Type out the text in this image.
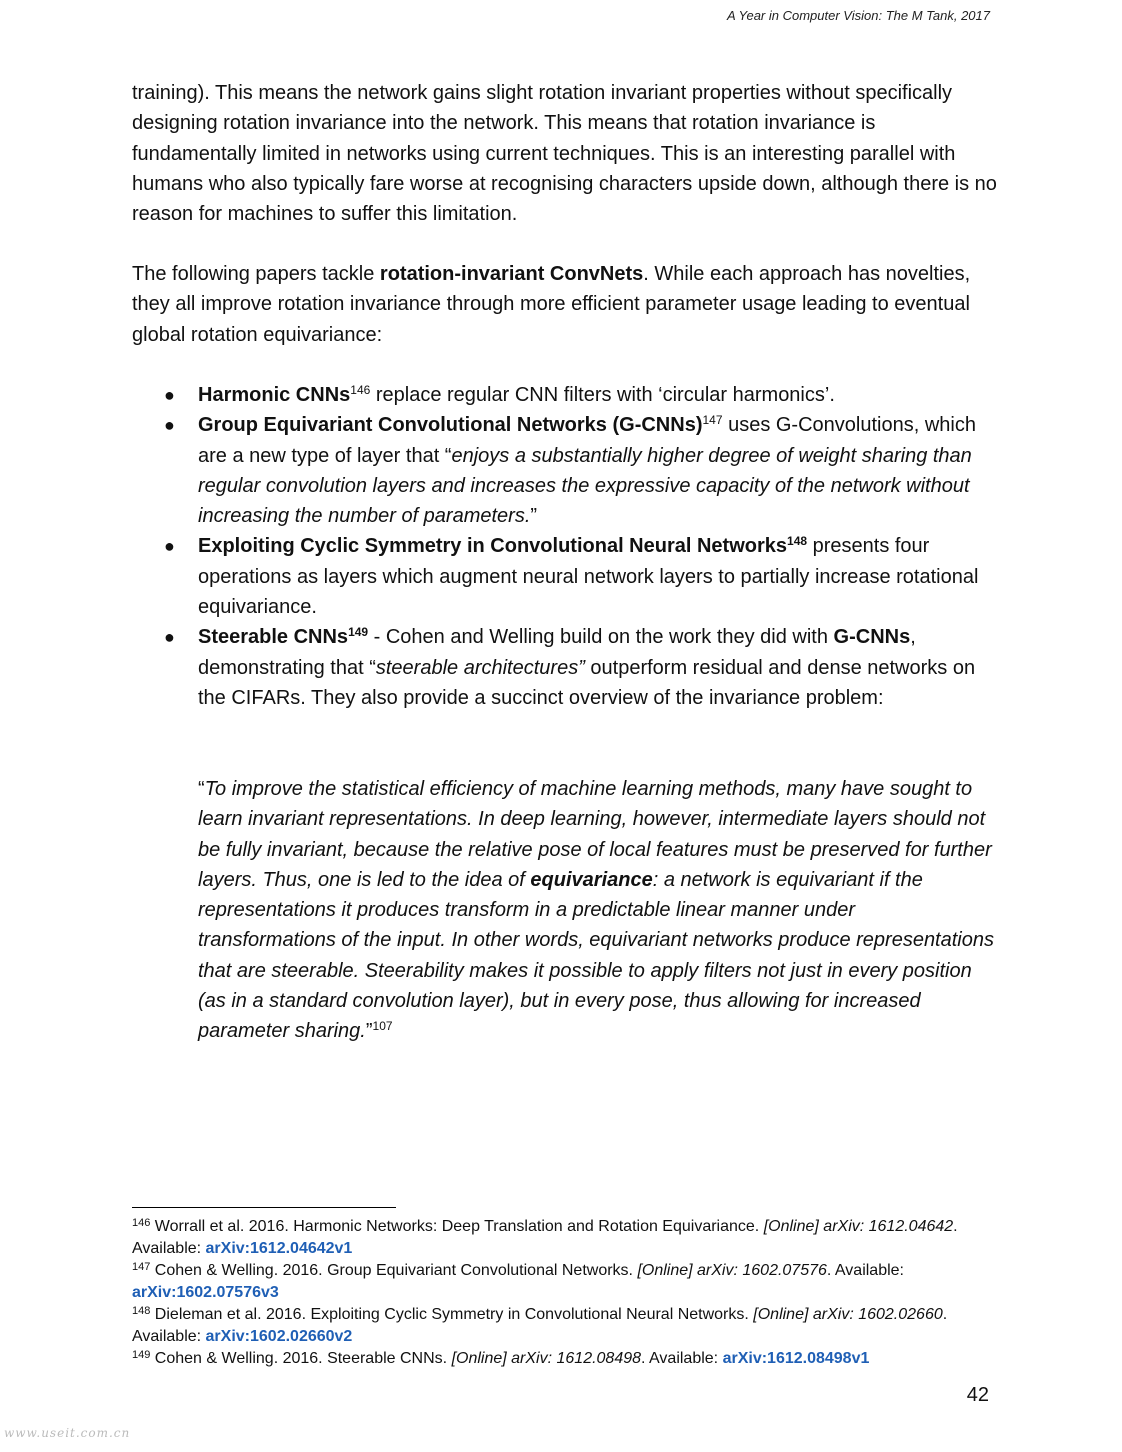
A Year in Computer Vision: The M Tank, 2017

training). This means the network gains slight rotation invariant properties without specifically designing rotation invariance into the network. This means that rotation invariance is fundamentally limited in networks using current techniques. This is an interesting parallel with humans who also typically fare worse at recognising characters upside down, although there is no reason for machines to suffer this limitation.

The following papers tackle rotation-invariant ConvNets. While each approach has novelties, they all improve rotation invariance through more efficient parameter usage leading to eventual global rotation equivariance:

● Harmonic CNNs$^{146}$ replace regular CNN filters with ‘circular harmonics’.
● Group Equivariant Convolutional Networks (G-CNNs)$^{147}$ uses G-Convolutions, which are a new type of layer that “enjoys a substantially higher degree of weight sharing than regular convolution layers and increases the expressive capacity of the network without increasing the number of parameters.”
● Exploiting Cyclic Symmetry in Convolutional Neural Networks$^{148}$ presents four operations as layers which augment neural network layers to partially increase rotational equivariance.
● Steerable CNNs$^{149}$ - Cohen and Welling build on the work they did with G-CNNs, demonstrating that “steerable architectures” outperform residual and dense networks on the CIFARs. They also provide a succinct overview of the invariance problem:

“To improve the statistical efficiency of machine learning methods, many have sought to learn invariant representations. In deep learning, however, intermediate layers should not be fully invariant, because the relative pose of local features must be preserved for further layers. Thus, one is led to the idea of equivariance: a network is equivariant if the representations it produces transform in a predictable linear manner under transformations of the input. In other words, equivariant networks produce representations that are steerable. Steerability makes it possible to apply filters not just in every position (as in a standard convolution layer), but in every pose, thus allowing for increased parameter sharing.”$^{107}$

$^{146}$ Worrall et al. 2016. Harmonic Networks: Deep Translation and Rotation Equivariance. [Online] arXiv: 1612.04642. Available: arXiv:1612.04642v1

$^{147}$ Cohen & Welling. 2016. Group Equivariant Convolutional Networks. [Online] arXiv: 1602.07576. Available: arXiv:1602.07576v3

$^{148}$ Dieleman et al. 2016. Exploiting Cyclic Symmetry in Convolutional Neural Networks. [Online] arXiv: 1602.02660. Available: arXiv:1602.02660v2

$^{149}$ Cohen & Welling. 2016. Steerable CNNs. [Online] arXiv: 1612.08498. Available: arXiv:1612.08498v1

42
www.useit.com.cn
